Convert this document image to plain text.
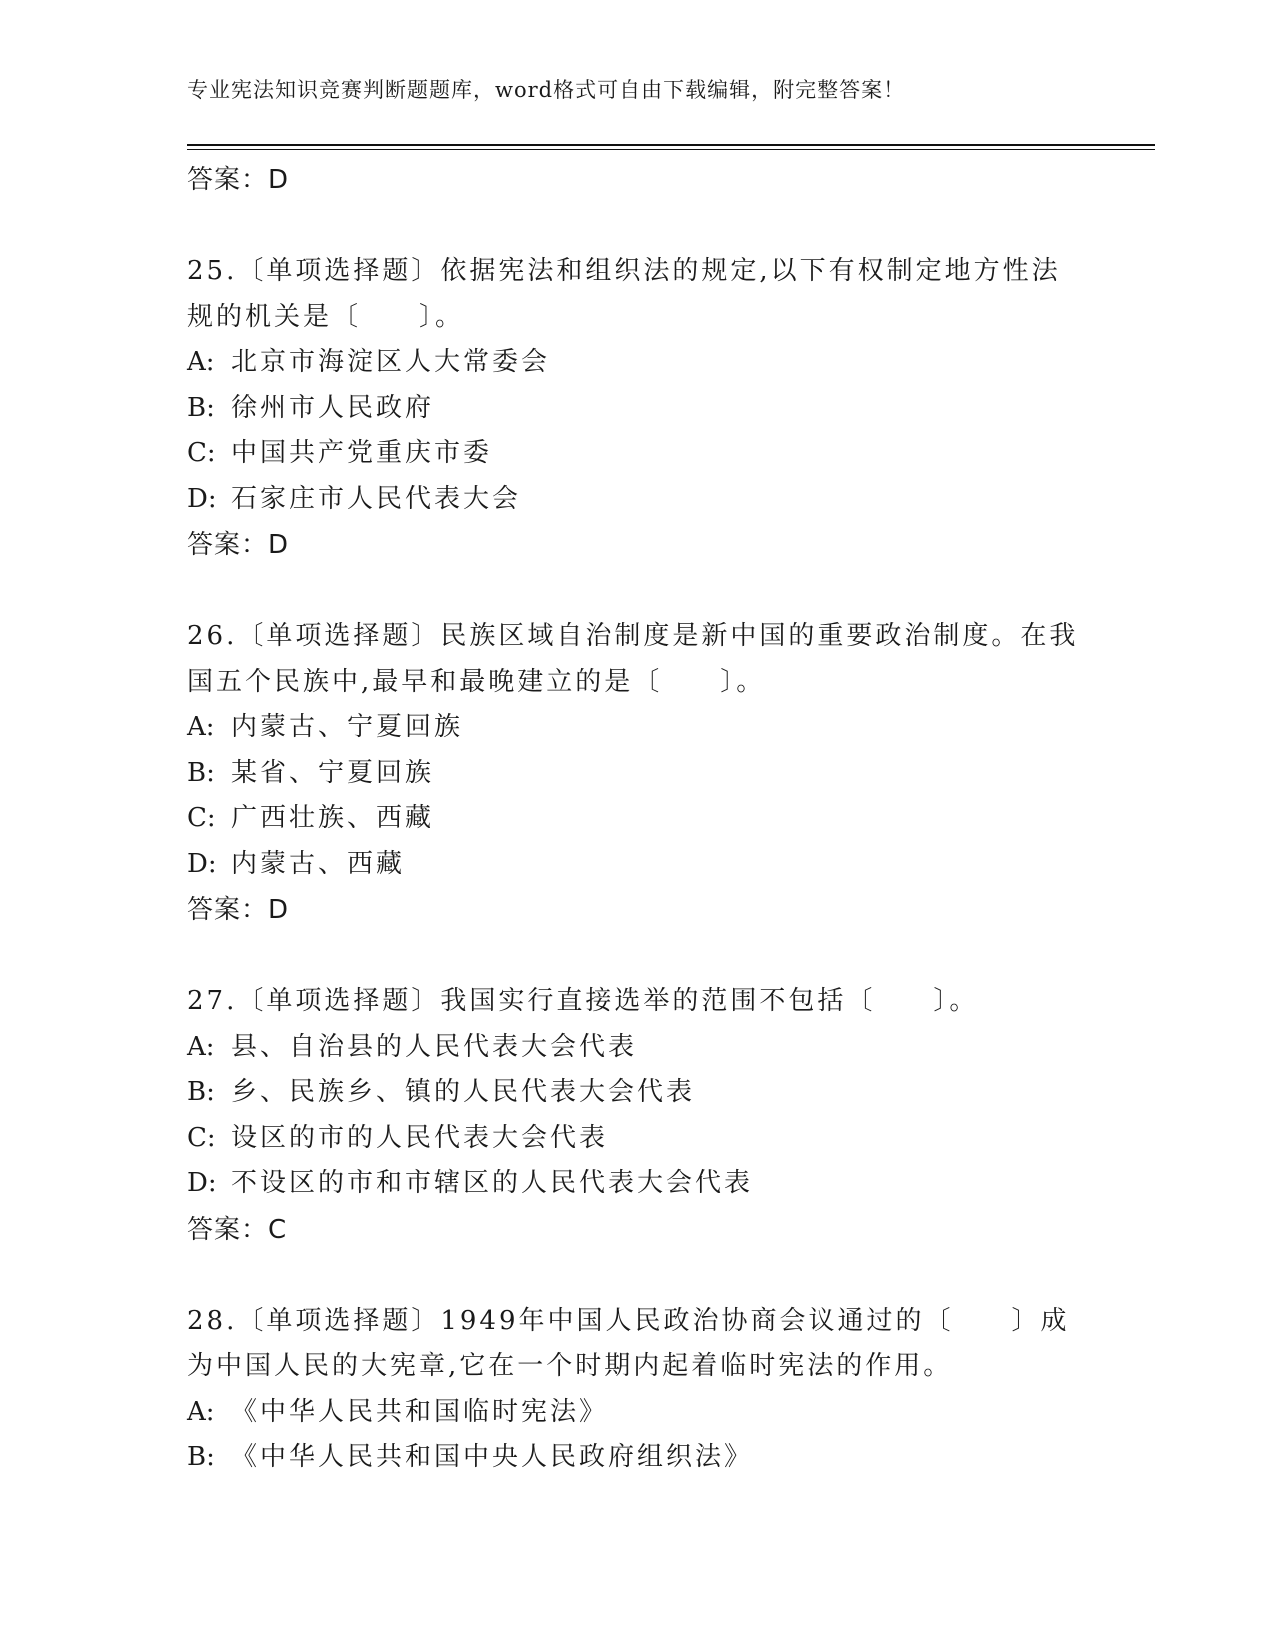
专业宪法知识竞赛判断题题库，word格式可自由下载编辑，附完整答案！
答案：D
25.〔单项选择题〕依据宪法和组织法的规定,以下有权制定地方性法规的机关是〔　　〕。
A: 北京市海淀区人大常委会
B: 徐州市人民政府
C: 中国共产党重庆市委
D: 石家庄市人民代表大会
答案：D
26.〔单项选择题〕民族区域自治制度是新中国的重要政治制度。在我国五个民族中,最早和最晚建立的是〔　　〕。
A: 内蒙古、宁夏回族
B: 某省、宁夏回族
C: 广西壮族、西藏
D: 内蒙古、西藏
答案：D
27.〔单项选择题〕我国实行直接选举的范围不包括〔　　〕。
A: 县、自治县的人民代表大会代表
B: 乡、民族乡、镇的人民代表大会代表
C: 设区的市的人民代表大会代表
D: 不设区的市和市辖区的人民代表大会代表
答案：C
28.〔单项选择题〕1949年中国人民政治协商会议通过的〔　　〕成为中国人民的大宪章,它在一个时期内起着临时宪法的作用。
A: 《中华人民共和国临时宪法》
B: 《中华人民共和国中央人民政府组织法》
